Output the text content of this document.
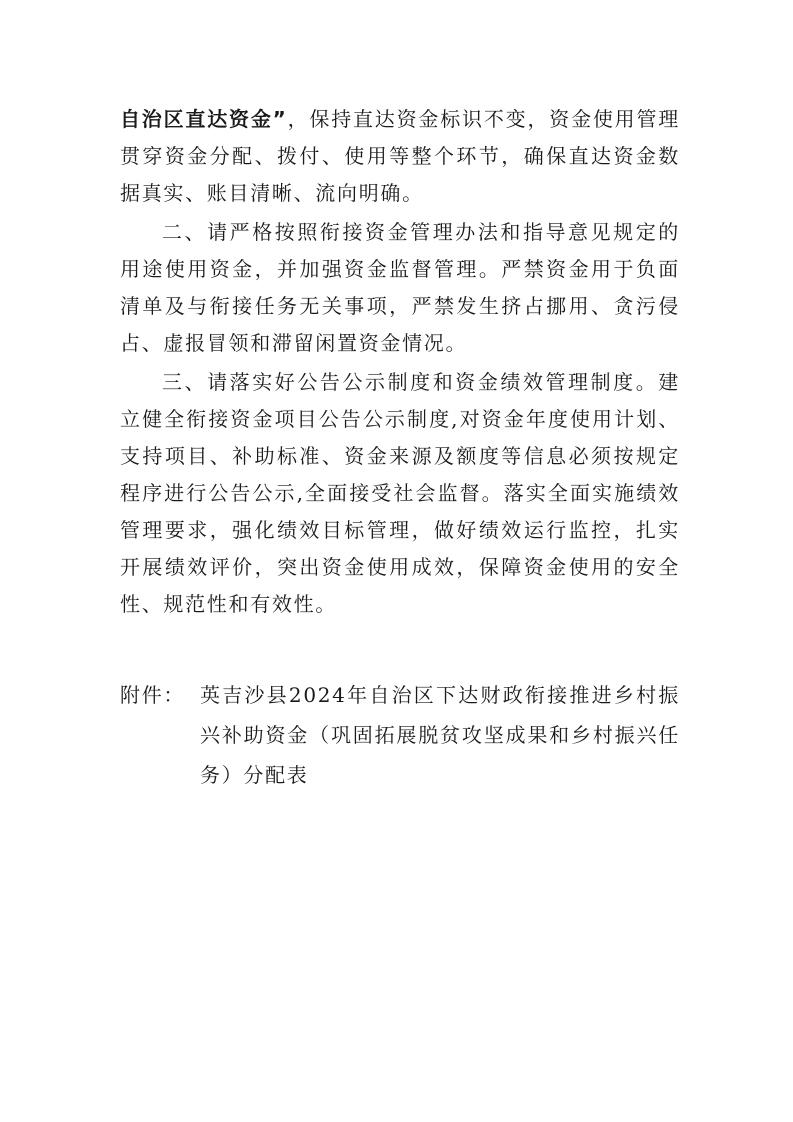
自治区直达资金”，保持直达资金标识不变，资金使用管理贯穿资金分配、拨付、使用等整个环节，确保直达资金数据真实、账目清晰、流向明确。

二、请严格按照衔接资金管理办法和指导意见规定的用途使用资金，并加强资金监督管理。严禁资金用于负面清单及与衔接任务无关事项，严禁发生挤占挪用、贪污侵占、虚报冒领和滞留闲置资金情况。

三、请落实好公告公示制度和资金绩效管理制度。建立健全衔接资金项目公告公示制度,对资金年度使用计划、支持项目、补助标准、资金来源及额度等信息必须按规定程序进行公告公示,全面接受社会监督。落实全面实施绩效管理要求，强化绩效目标管理，做好绩效运行监控，扎实开展绩效评价，突出资金使用成效，保障资金使用的安全性、规范性和有效性。

附件： 英吉沙县2024年自治区下达财政衔接推进乡村振兴补助资金（巩固拓展脱贫攻坚成果和乡村振兴任务）分配表
